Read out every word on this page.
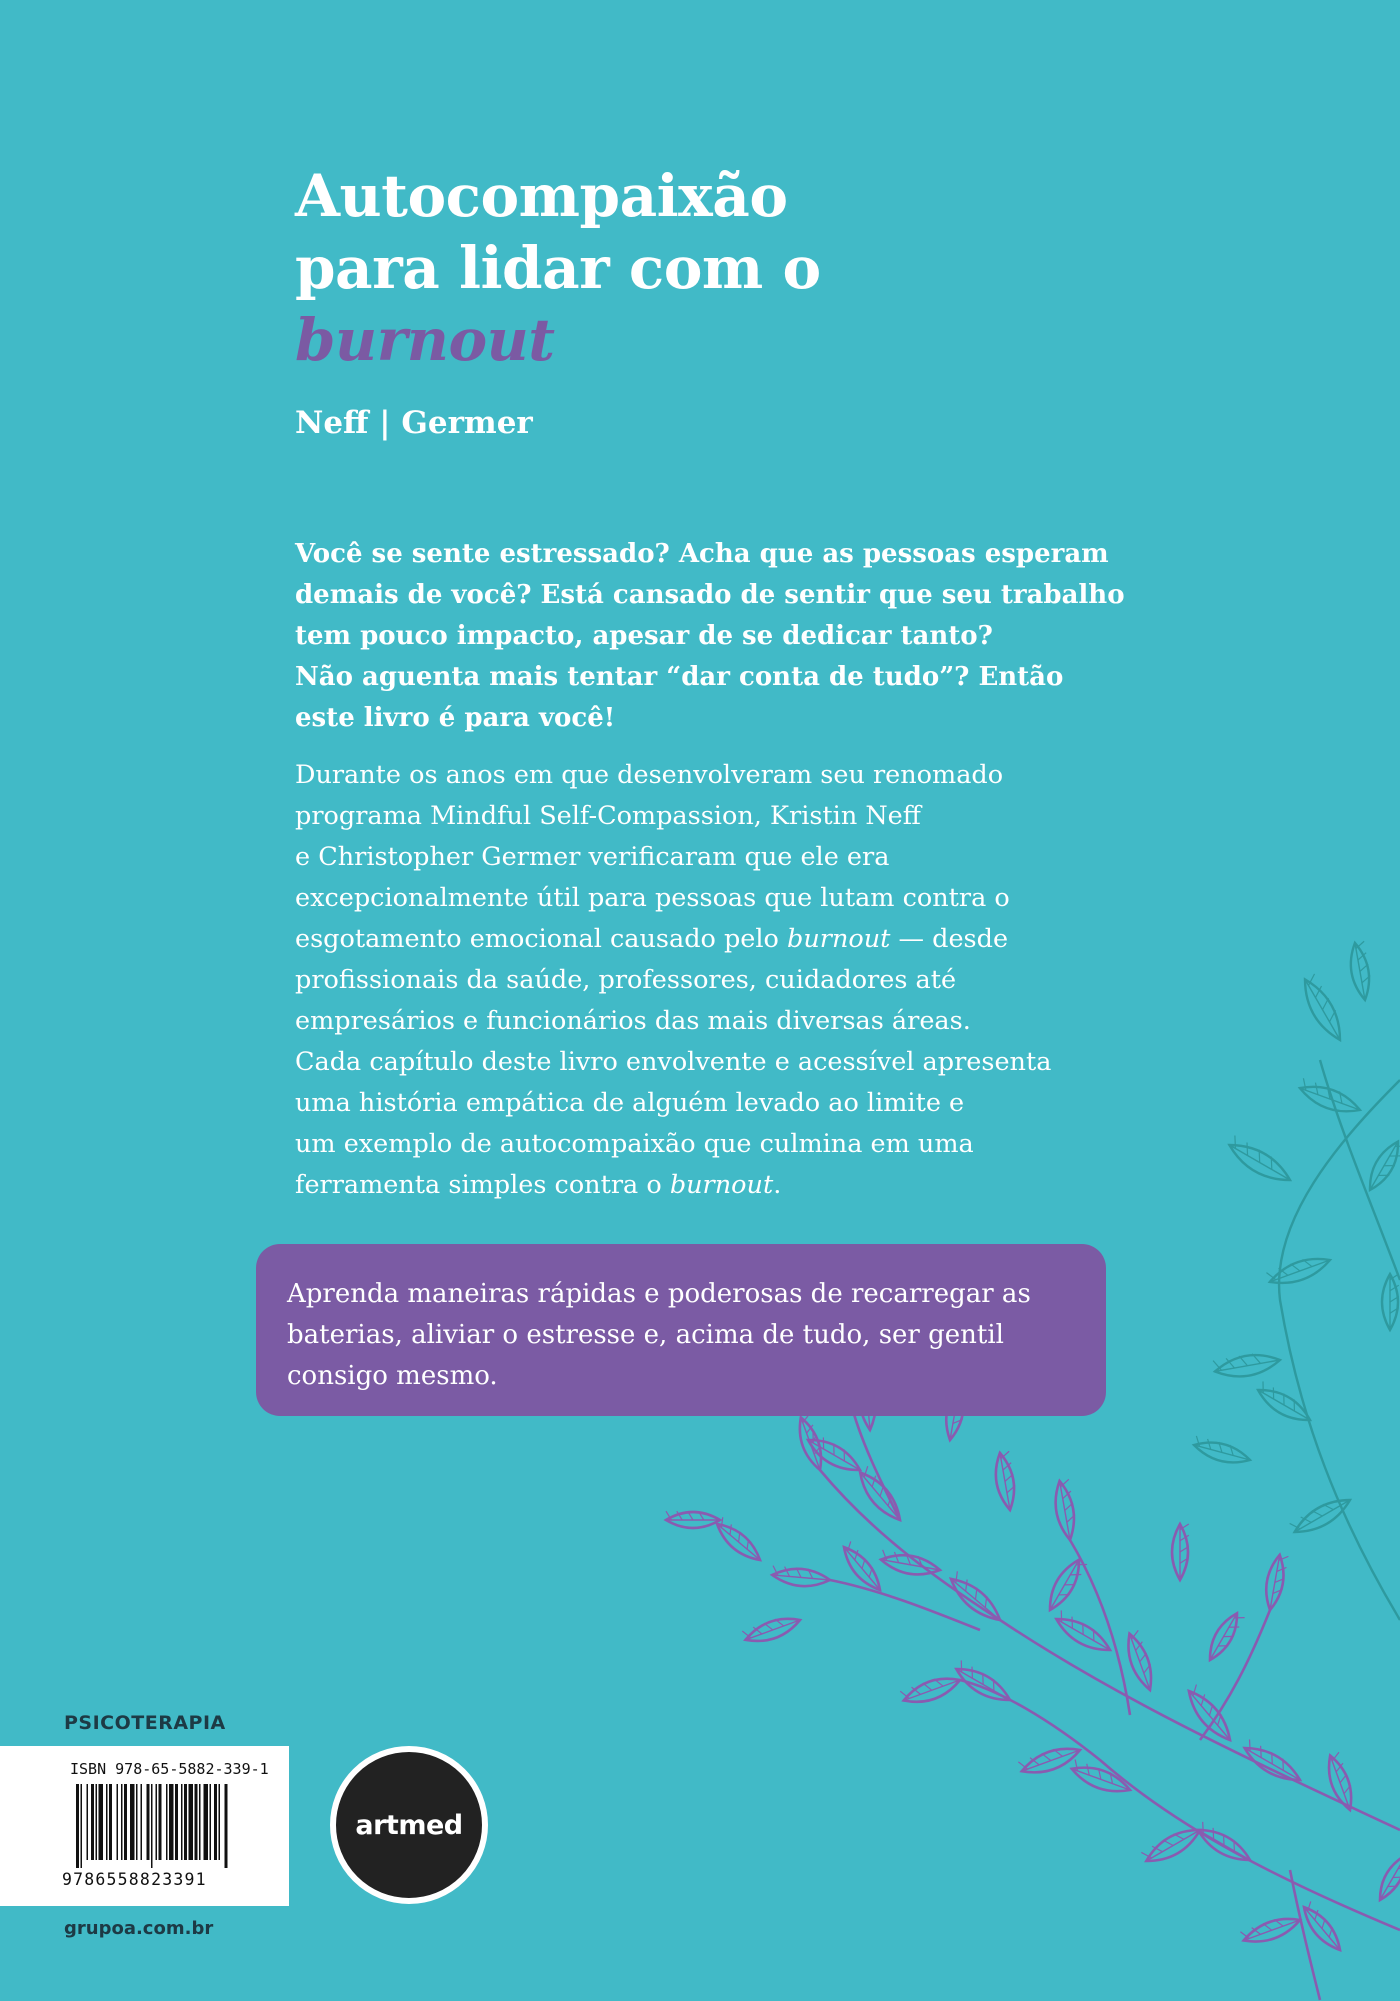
Autocompaixão
para lidar com o
burnout

Neff | Germer

Você se sente estressado? Acha que as pessoas esperam
demais de você? Está cansado de sentir que seu trabalho
tem pouco impacto, apesar de se dedicar tanto?
Não aguenta mais tentar “dar conta de tudo”? Então
este livro é para você!

Durante os anos em que desenvolveram seu renomado
programa Mindful Self-Compassion, Kristin Neff
e Christopher Germer verificaram que ele era
excepcionalmente útil para pessoas que lutam contra o
esgotamento emocional causado pelo burnout — desde
profissionais da saúde, professores, cuidadores até
empresários e funcionários das mais diversas áreas.
Cada capítulo deste livro envolvente e acessível apresenta
uma história empática de alguém levado ao limite e
um exemplo de autocompaixão que culmina em uma
ferramenta simples contra o burnout.

Aprenda maneiras rápidas e poderosas de recarregar as
baterias, aliviar o estresse e, acima de tudo, ser gentil
consigo mesmo.

PSICOTERAPIA
ISBN 978-65-5882-339-1
9786558823391
artmed
grupoa.com.br
